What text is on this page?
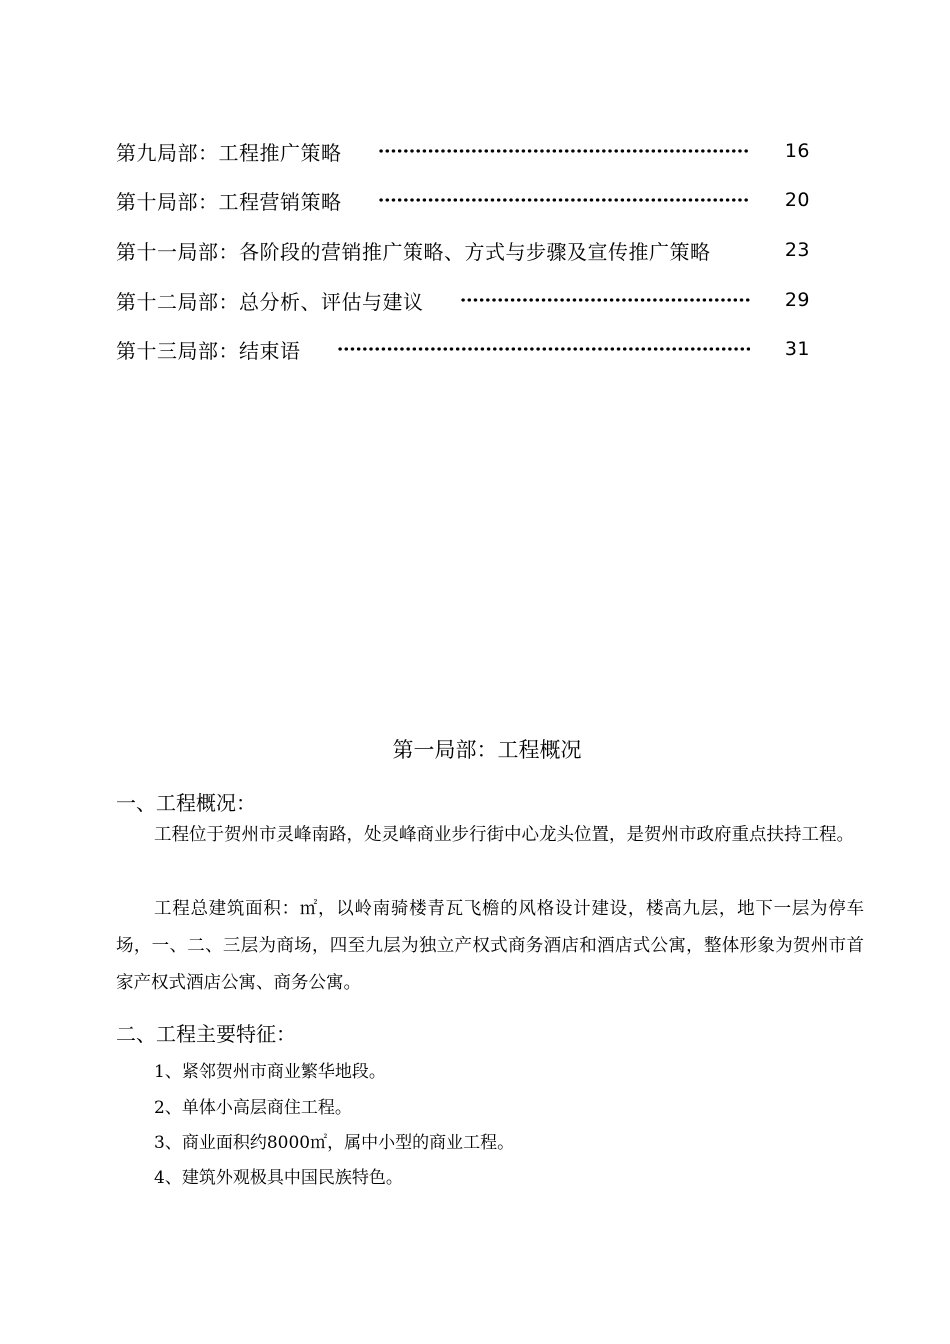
第九局部：工程推广策略	16
第十局部：工程营销策略	20
第十一局部：各阶段的营销推广策略、方式与步骤及宣传推广策略	23
第十二局部：总分析、评估与建议	29
第十三局部：结束语	31
第一局部：工程概况
一、工程概况：
工程位于贺州市灵峰南路，处灵峰商业步行街中心龙头位置，是贺州市政府重点扶持工程。
工程总建筑面积：㎡，以岭南骑楼青瓦飞檐的风格设计建设，楼高九层，地下一层为停车场，一、二、三层为商场，四至九层为独立产权式商务酒店和酒店式公寓，整体形象为贺州市首家产权式酒店公寓、商务公寓。
二、工程主要特征：
1、紧邻贺州市商业繁华地段。
2、单体小高层商住工程。
3、商业面积约8000㎡，属中小型的商业工程。
4、建筑外观极具中国民族特色。
